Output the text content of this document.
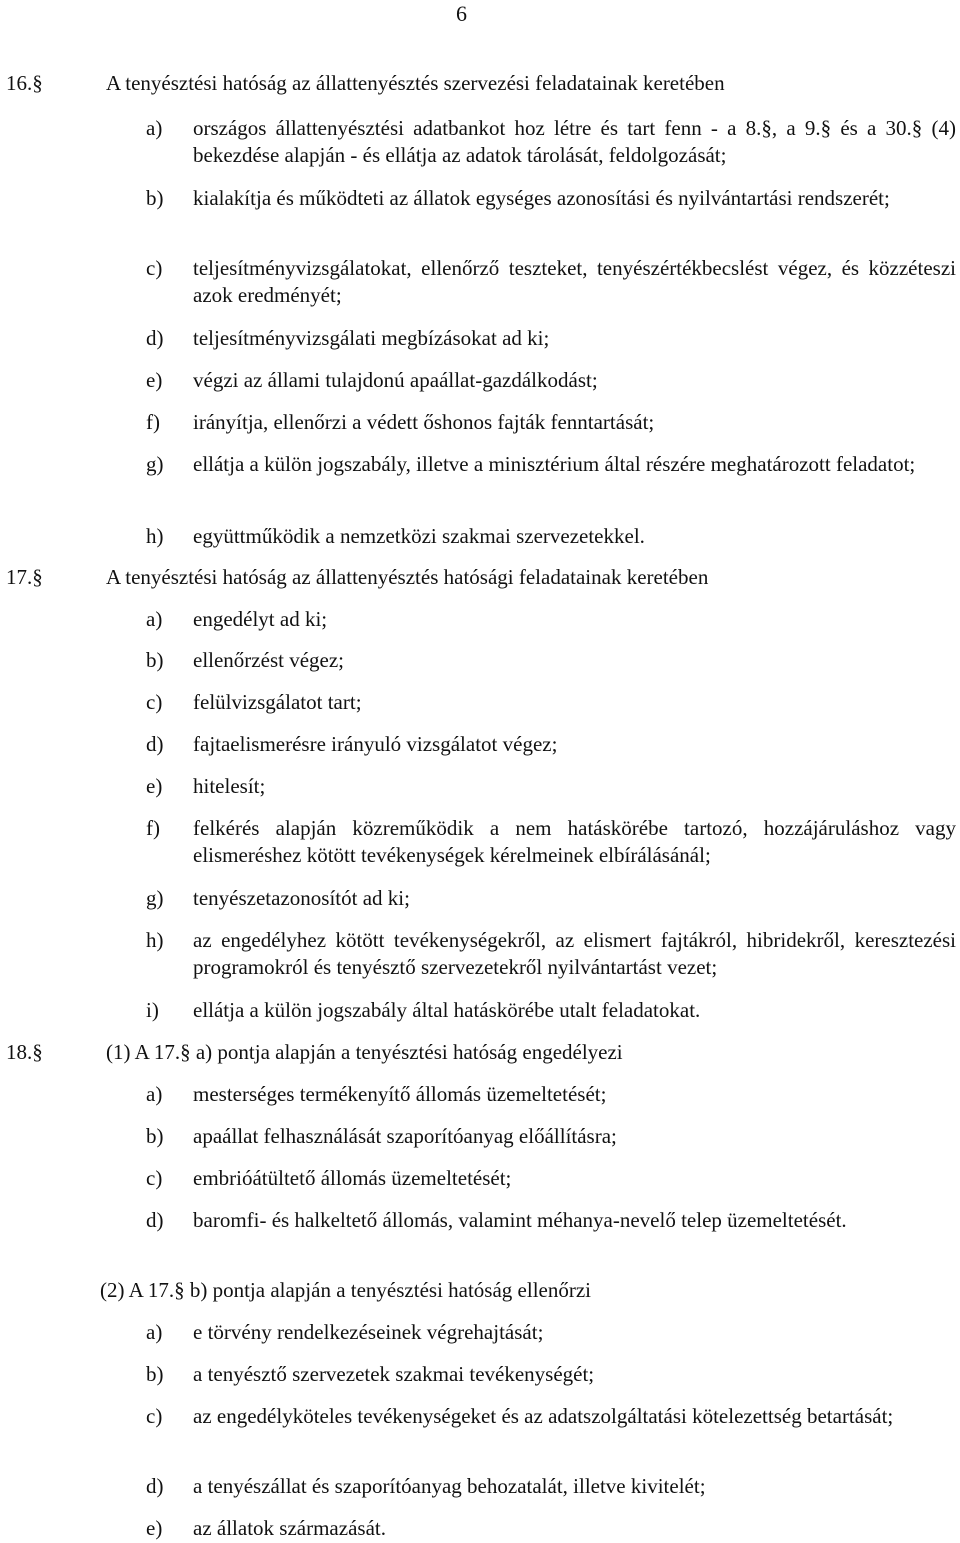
6
16.§	A tenyésztési hatóság az állattenyésztés szervezési feladatainak keretében
a)	országos állattenyésztési adatbankot hoz létre és tart fenn - a 8.§, a 9.§ és a 30.§ (4) bekezdése alapján - és ellátja az adatok tárolását, feldolgozását;
b)	kialakítja és működteti az állatok egységes azonosítási és nyilvántartási rendszerét;
c)	teljesítményvizsgálatokat, ellenőrző teszteket, tenyészértékbecslést végez, és közzéteszi azok eredményét;
d)	teljesítményvizsgálati megbízásokat ad ki;
e)	végzi az állami tulajdonú apaállat-gazdálkodást;
f)	irányítja, ellenőrzi a védett őshonos fajták fenntartását;
g)	ellátja a külön jogszabály, illetve a minisztérium által részére meghatározott feladatot;
h)	együttműködik a nemzetközi szakmai szervezetekkel.
17.§	A tenyésztési hatóság az állattenyésztés hatósági feladatainak keretében
a)	engedélyt ad ki;
b)	ellenőrzést végez;
c)	felülvizsgálatot tart;
d)	fajtaelismerésre irányuló vizsgálatot végez;
e)	hitelesít;
f)	felkérés alapján közreműködik a nem hatáskörébe tartozó, hozzájáruláshoz vagy elismeréshez kötött tevékenységek kérelmeinek elbírálásánál;
g)	tenyészetazonosítót ad ki;
h)	az engedélyhez kötött tevékenységekről, az elismert fajtákról, hibridekről, keresztezési programokról és tenyésztő szervezetekről nyilvántartást vezet;
i)	ellátja a külön jogszabály által hatáskörébe utalt feladatokat.
18.§	(1) A 17.§ a) pontja alapján a tenyésztési hatóság engedélyezi
a)	mesterséges termékenyítő állomás üzemeltetését;
b)	apaállat felhasználását szaporítóanyag előállításra;
c)	embrióátültető állomás üzemeltetését;
d)	baromfi- és halkeltető állomás, valamint méhanya-nevelő telep üzemeltetését.
(2) A 17.§ b) pontja alapján a tenyésztési hatóság ellenőrzi
a)	e törvény rendelkezéseinek végrehajtását;
b)	a tenyésztő szervezetek szakmai tevékenységét;
c)	az engedélyköteles tevékenységeket és az adatszolgáltatási kötelezettség betartását;
d)	a tenyészállat és szaporítóanyag behozatalát, illetve kivitelét;
e)	az állatok származását.
